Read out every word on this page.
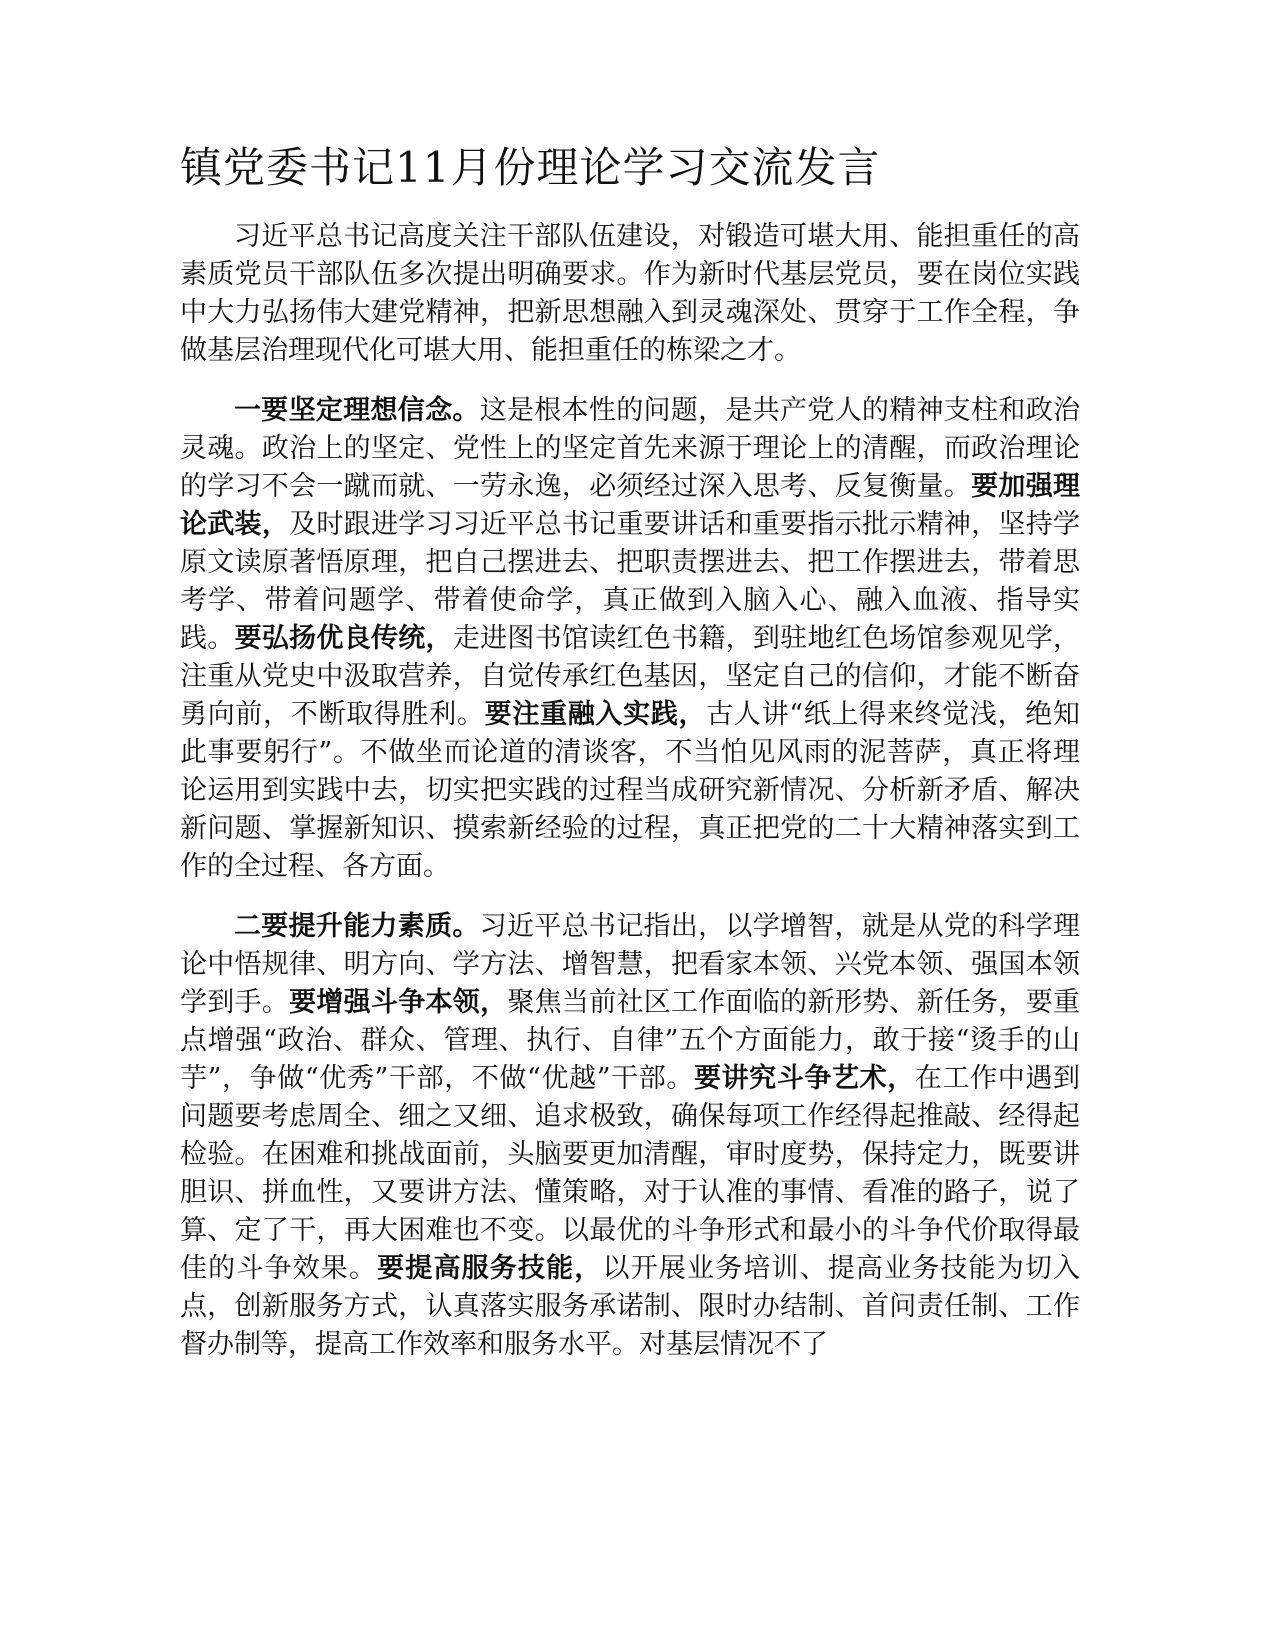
镇党委书记11月份理论学习交流发言

习近平总书记高度关注干部队伍建设，对锻造可堪大用、能担重任的高素质党员干部队伍多次提出明确要求。作为新时代基层党员，要在岗位实践中大力弘扬伟大建党精神，把新思想融入到灵魂深处、贯穿于工作全程，争做基层治理现代化可堪大用、能担重任的栋梁之才。

一要坚定理想信念。这是根本性的问题，是共产党人的精神支柱和政治灵魂。政治上的坚定、党性上的坚定首先来源于理论上的清醒，而政治理论的学习不会一蹴而就、一劳永逸，必须经过深入思考、反复衡量。要加强理论武装，及时跟进学习习近平总书记重要讲话和重要指示批示精神，坚持学原文读原著悟原理，把自己摆进去、把职责摆进去、把工作摆进去，带着思考学、带着问题学、带着使命学，真正做到入脑入心、融入血液、指导实践。要弘扬优良传统，走进图书馆读红色书籍，到驻地红色场馆参观见学，注重从党史中汲取营养，自觉传承红色基因，坚定自己的信仰，才能不断奋勇向前，不断取得胜利。要注重融入实践，古人讲“纸上得来终觉浅，绝知此事要躬行”。不做坐而论道的清谈客，不当怕见风雨的泥菩萨，真正将理论运用到实践中去，切实把实践的过程当成研究新情况、分析新矛盾、解决新问题、掌握新知识、摸索新经验的过程，真正把党的二十大精神落实到工作的全过程、各方面。

二要提升能力素质。习近平总书记指出，以学增智，就是从党的科学理论中悟规律、明方向、学方法、增智慧，把看家本领、兴党本领、强国本领学到手。要增强斗争本领，聚焦当前社区工作面临的新形势、新任务，要重点增强“政治、群众、管理、执行、自律”五个方面能力，敢于接“烫手的山芋”，争做“优秀”干部，不做“优越”干部。要讲究斗争艺术，在工作中遇到问题要考虑周全、细之又细、追求极致，确保每项工作经得起推敲、经得起检验。在困难和挑战面前，头脑要更加清醒，审时度势，保持定力，既要讲胆识、拼血性，又要讲方法、懂策略，对于认准的事情、看准的路子，说了算、定了干，再大困难也不变。以最优的斗争形式和最小的斗争代价取得最佳的斗争效果。要提高服务技能，以开展业务培训、提高业务技能为切入点，创新服务方式，认真落实服务承诺制、限时办结制、首问责任制、工作督办制等，提高工作效率和服务水平。对基层情况不了
